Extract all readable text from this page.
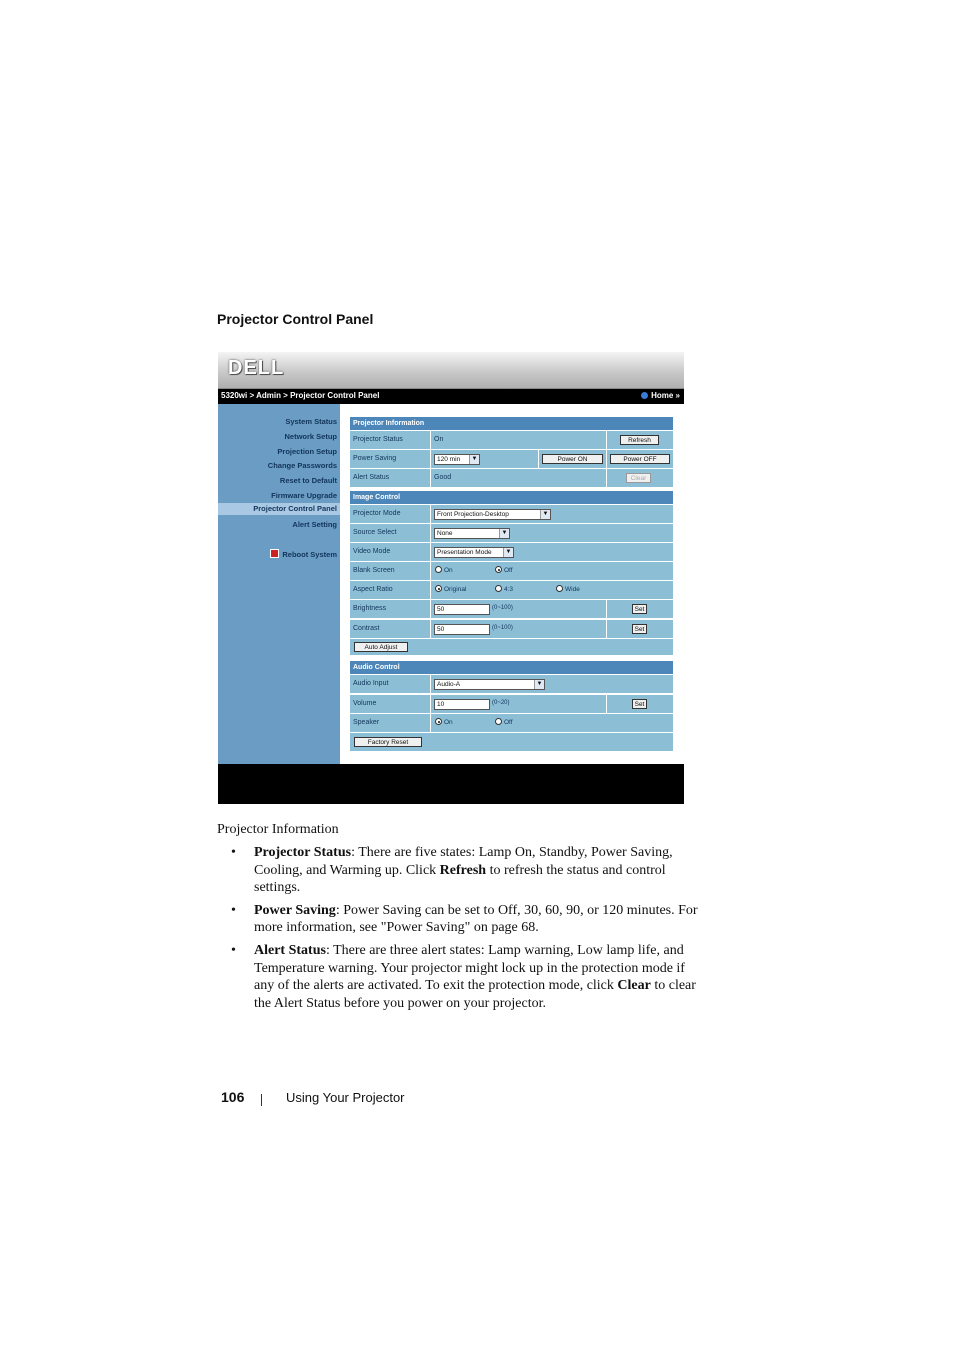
Projector Control Panel
DELL
5320wi > Admin > Projector Control Panel	Home »
System Status
Network Setup
Projection Setup
Change Passwords
Reset to Default
Firmware Upgrade
Projector Control Panel
Alert Setting
Reboot System
Projector Information
Projector Status	On	Refresh
Power Saving	120 min	▼	Power ON	Power OFF
Alert Status	Good	Clear
Image Control
Projector Mode	Front Projection-Desktop	▼
Source Select	None	▼
Video Mode	Presentation Mode	▼
Blank Screen	On	Off
Aspect Ratio	Original	4:3	Wide
Brightness	50	(0~100)	Set
Contrast	50	(0~100)	Set
Auto Adjust
Audio Control
Audio Input	Audio-A	▼
Volume	10	(0~20)	Set
Speaker	On	Off
Factory Reset
Projector Information
• Projector Status: There are five states: Lamp On, Standby, Power Saving, Cooling, and Warming up. Click Refresh to refresh the status and control settings.
• Power Saving: Power Saving can be set to Off, 30, 60, 90, or 120 minutes. For more information, see "Power Saving" on page 68.
• Alert Status: There are three alert states: Lamp warning, Low lamp life, and Temperature warning. Your projector might lock up in the protection mode if any of the alerts are activated. To exit the protection mode, click Clear to clear the Alert Status before you power on your projector.
106	Using Your Projector
